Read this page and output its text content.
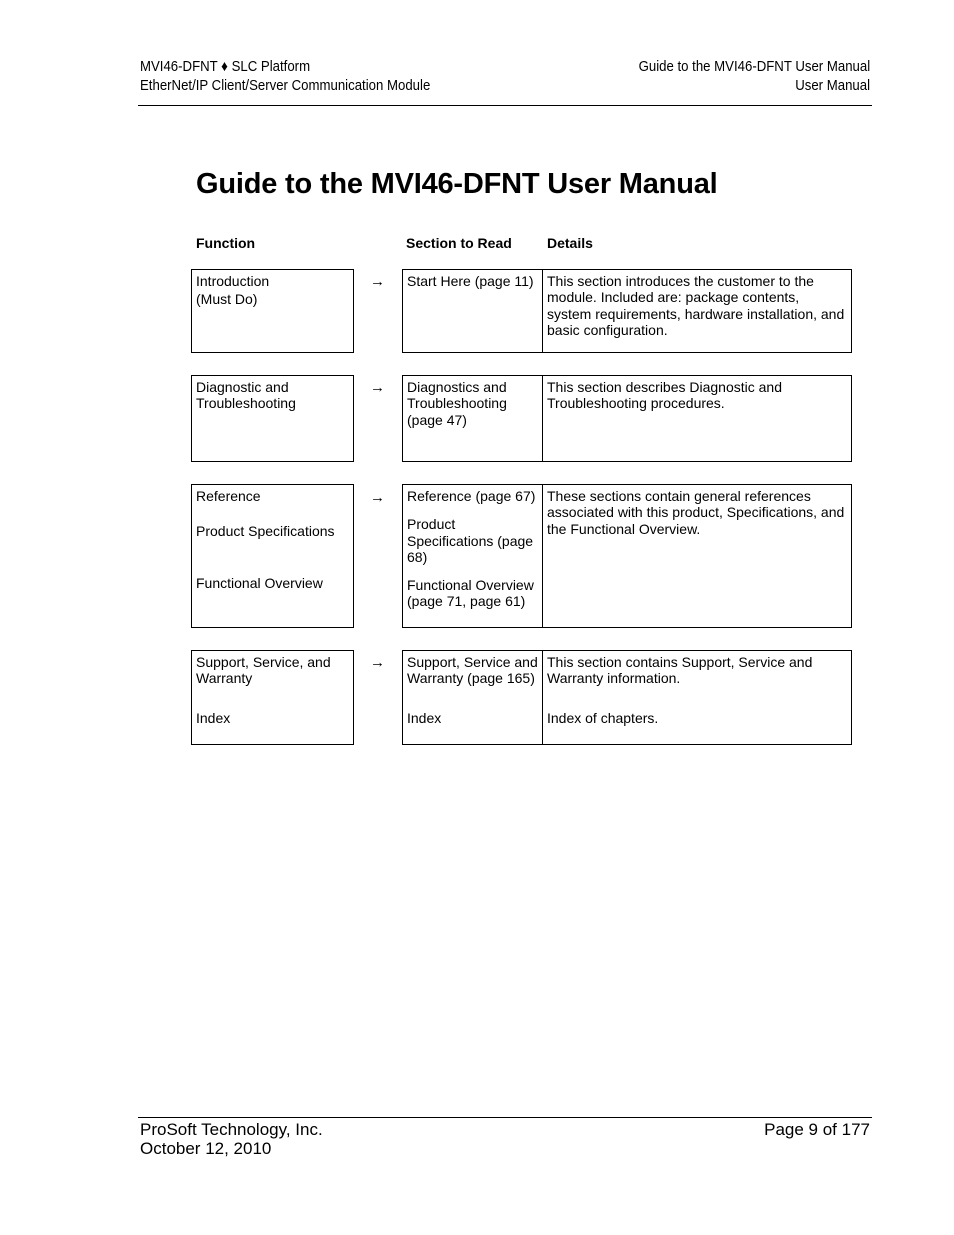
MVI46-DFNT ♦ SLC Platform
EtherNet/IP Client/Server Communication Module
Guide to the MVI46-DFNT User Manual
User Manual
Guide to the MVI46-DFNT User Manual
Function	Section to Read	Details

Introduction

(Must Do)

→ Start Here (page 11) This section introduces the customer to the module. Included are: package contents, system requirements, hardware installation, and basic configuration.

Diagnostic and Troubleshooting

→ Diagnostics and Troubleshooting (page 47)

This section describes Diagnostic and Troubleshooting procedures.

Reference

Product Specifications

Functional Overview

→ Reference (page 67)

Product Specifications (page 68)

Functional Overview (page 71, page 61)

These sections contain general references associated with this product, Specifications, and the Functional Overview.

Support, Service, and Warranty

Index

→ Support, Service and Warranty (page 165)

Index

This section contains Support, Service and Warranty information.

Index of chapters.

ProSoft Technology, Inc.
October 12, 2010
Page 9 of 177
